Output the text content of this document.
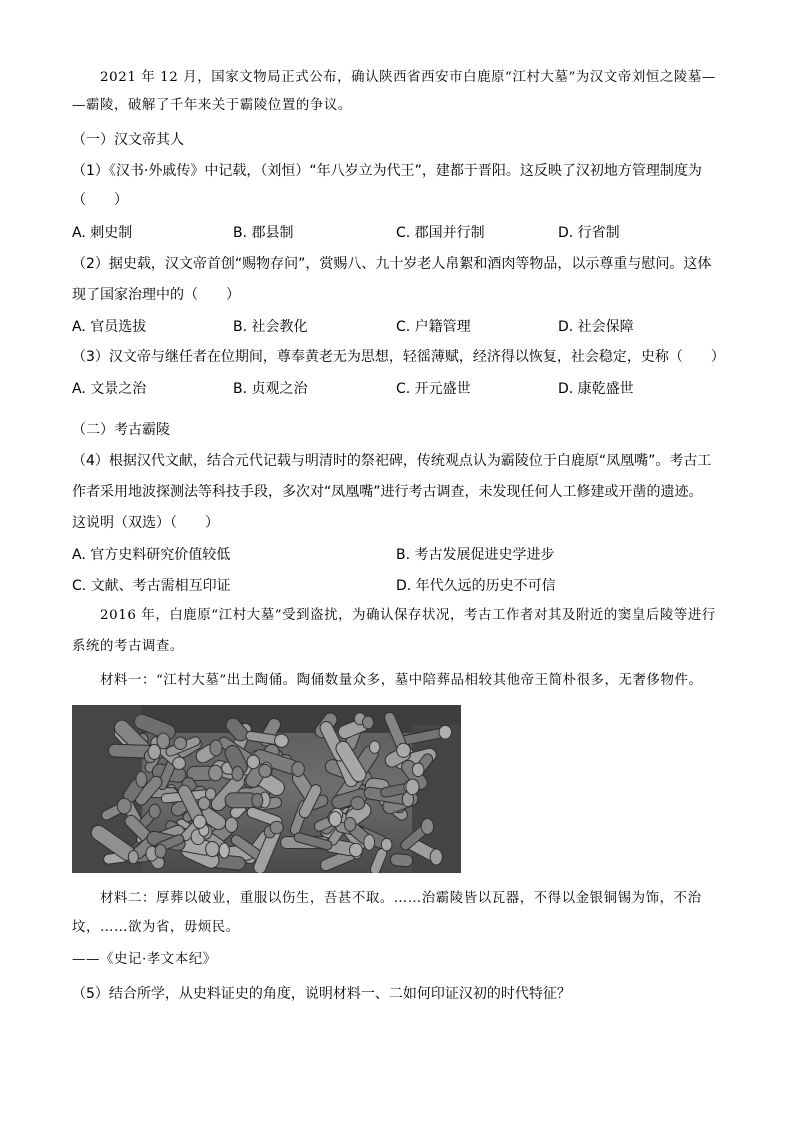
2021 年 12 月，国家文物局正式公布，确认陕西省西安市白鹿原“江村大墓”为汉文帝刘恒之陵墓—
—霸陵，破解了千年来关于霸陵位置的争议。
（一）汉文帝其人
（1）《汉书·外戚传》中记载，（刘恒）“年八岁立为代王”，建都于晋阳。这反映了汉初地方管理制度为
（　　）
A. 刺史制	B. 郡县制	C. 郡国并行制	D. 行省制
（2）据史载，汉文帝首创“赐物存问”，赏赐八、九十岁老人帛絮和酒肉等物品，以示尊重与慰问。这体
现了国家治理中的（　　）
A. 官员选拔	B. 社会教化	C. 户籍管理	D. 社会保障
（3）汉文帝与继任者在位期间，尊奉黄老无为思想，轻徭薄赋，经济得以恢复，社会稳定，史称（　　）
A. 文景之治	B. 贞观之治	C. 开元盛世	D. 康乾盛世
（二）考古霸陵
（4）根据汉代文献，结合元代记载与明清时的祭祀碑，传统观点认为霸陵位于白鹿原“凤凰嘴”。考古工
作者采用地波探测法等科技手段，多次对“凤凰嘴”进行考古调查，未发现任何人工修建或开凿的遗迹。
这说明（双选）（　　）
A. 官方史料研究价值较低	B. 考古发展促进史学进步
C. 文献、考古需相互印证	D. 年代久远的历史不可信
2016 年，白鹿原“江村大墓”受到盗扰，为确认保存状况，考古工作者对其及附近的窦皇后陵等进行
系统的考古调查。
材料一：“江村大墓”出土陶俑。陶俑数量众多，墓中陪葬品相较其他帝王简朴很多，无奢侈物件。
材料二：厚葬以破业，重服以伤生，吾甚不取。……治霸陵皆以瓦器，不得以金银铜锡为饰，不治
坟，……欲为省，毋烦民。
——《史记·孝文本纪》
（5）结合所学，从史料证史的角度，说明材料一、二如何印证汉初的时代特征？
